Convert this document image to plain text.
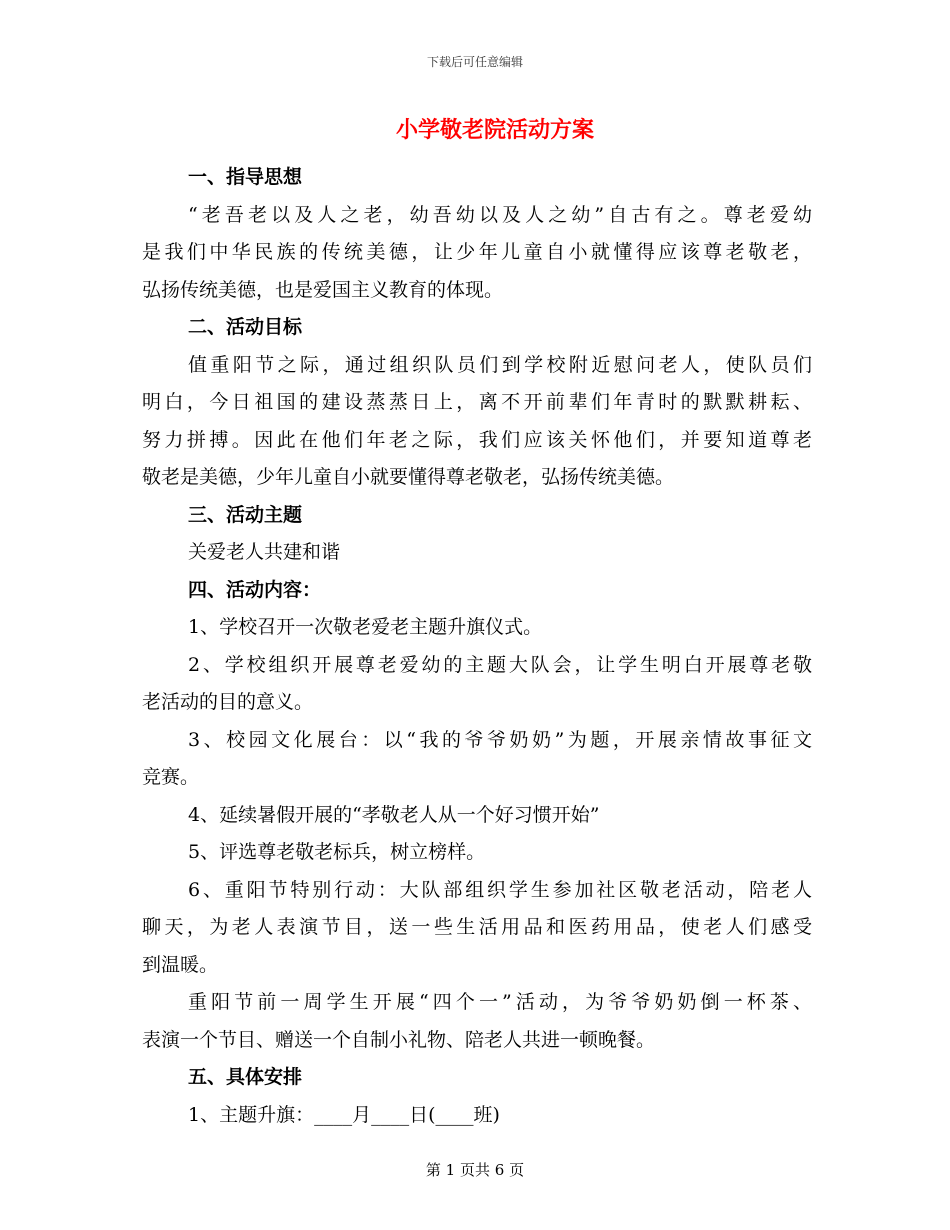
下载后可任意编辑
小学敬老院活动方案
一、指导思想
“老吾老以及人之老，幼吾幼以及人之幼”自古有之。尊老爱幼
是我们中华民族的传统美德，让少年儿童自小就懂得应该尊老敬老，
弘扬传统美德，也是爱国主义教育的体现。
二、活动目标
值重阳节之际，通过组织队员们到学校附近慰问老人，使队员们
明白，今日祖国的建设蒸蒸日上，离不开前辈们年青时的默默耕耘、
努力拼搏。因此在他们年老之际，我们应该关怀他们，并要知道尊老
敬老是美德，少年儿童自小就要懂得尊老敬老，弘扬传统美德。
三、活动主题
关爱老人共建和谐
四、活动内容：
1、学校召开一次敬老爱老主题升旗仪式。
2、学校组织开展尊老爱幼的主题大队会，让学生明白开展尊老敬
老活动的目的意义。
3、校园文化展台：以“我的爷爷奶奶”为题，开展亲情故事征文
竞赛。
4、延续暑假开展的“孝敬老人从一个好习惯开始”
5、评选尊老敬老标兵，树立榜样。
6、重阳节特别行动：大队部组织学生参加社区敬老活动，陪老人
聊天，为老人表演节目，送一些生活用品和医药用品，使老人们感受
到温暖。
重阳节前一周学生开展“四个一”活动，为爷爷奶奶倒一杯茶、
表演一个节目、赠送一个自制小礼物、陪老人共进一顿晚餐。
五、具体安排
1、主题升旗：____月____日(____班)
第 1 页共 6 页
